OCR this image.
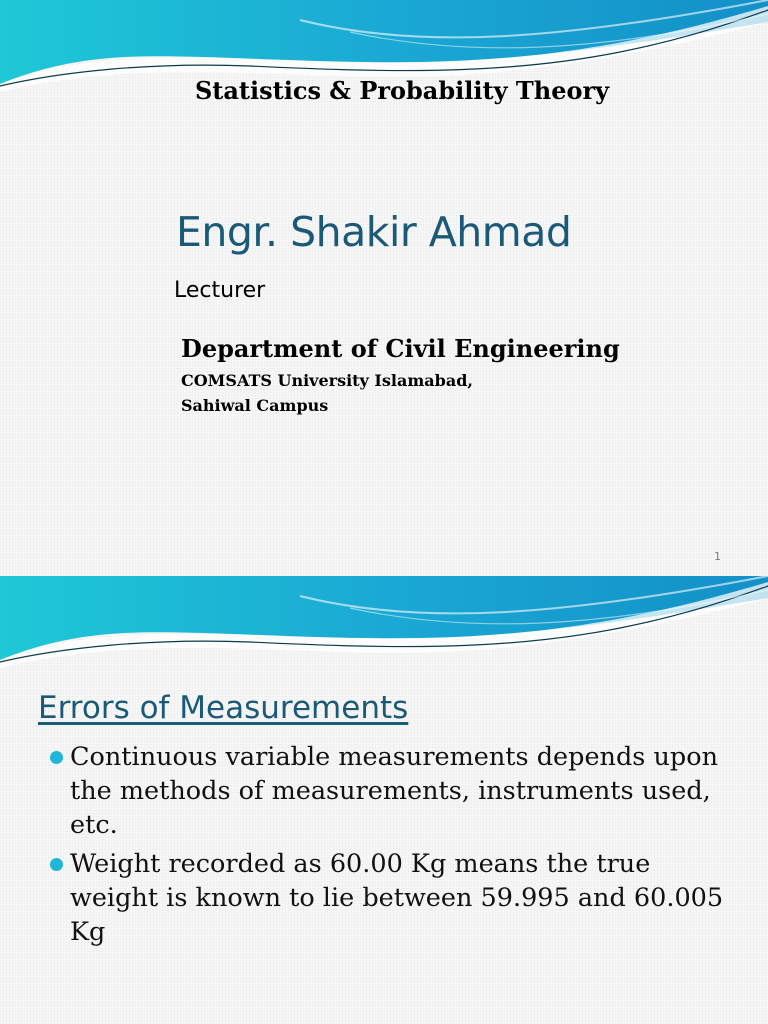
Statistics & Probability Theory
Engr. Shakir Ahmad
Lecturer
Department of Civil Engineering
COMSATS University Islamabad,
Sahiwal Campus
1
Errors of Measurements
Continuous variable measurements depends upon the methods of measurements, instruments used, etc.
Weight recorded as 60.00 Kg means the true weight is known to lie between 59.995 and 60.005 Kg
